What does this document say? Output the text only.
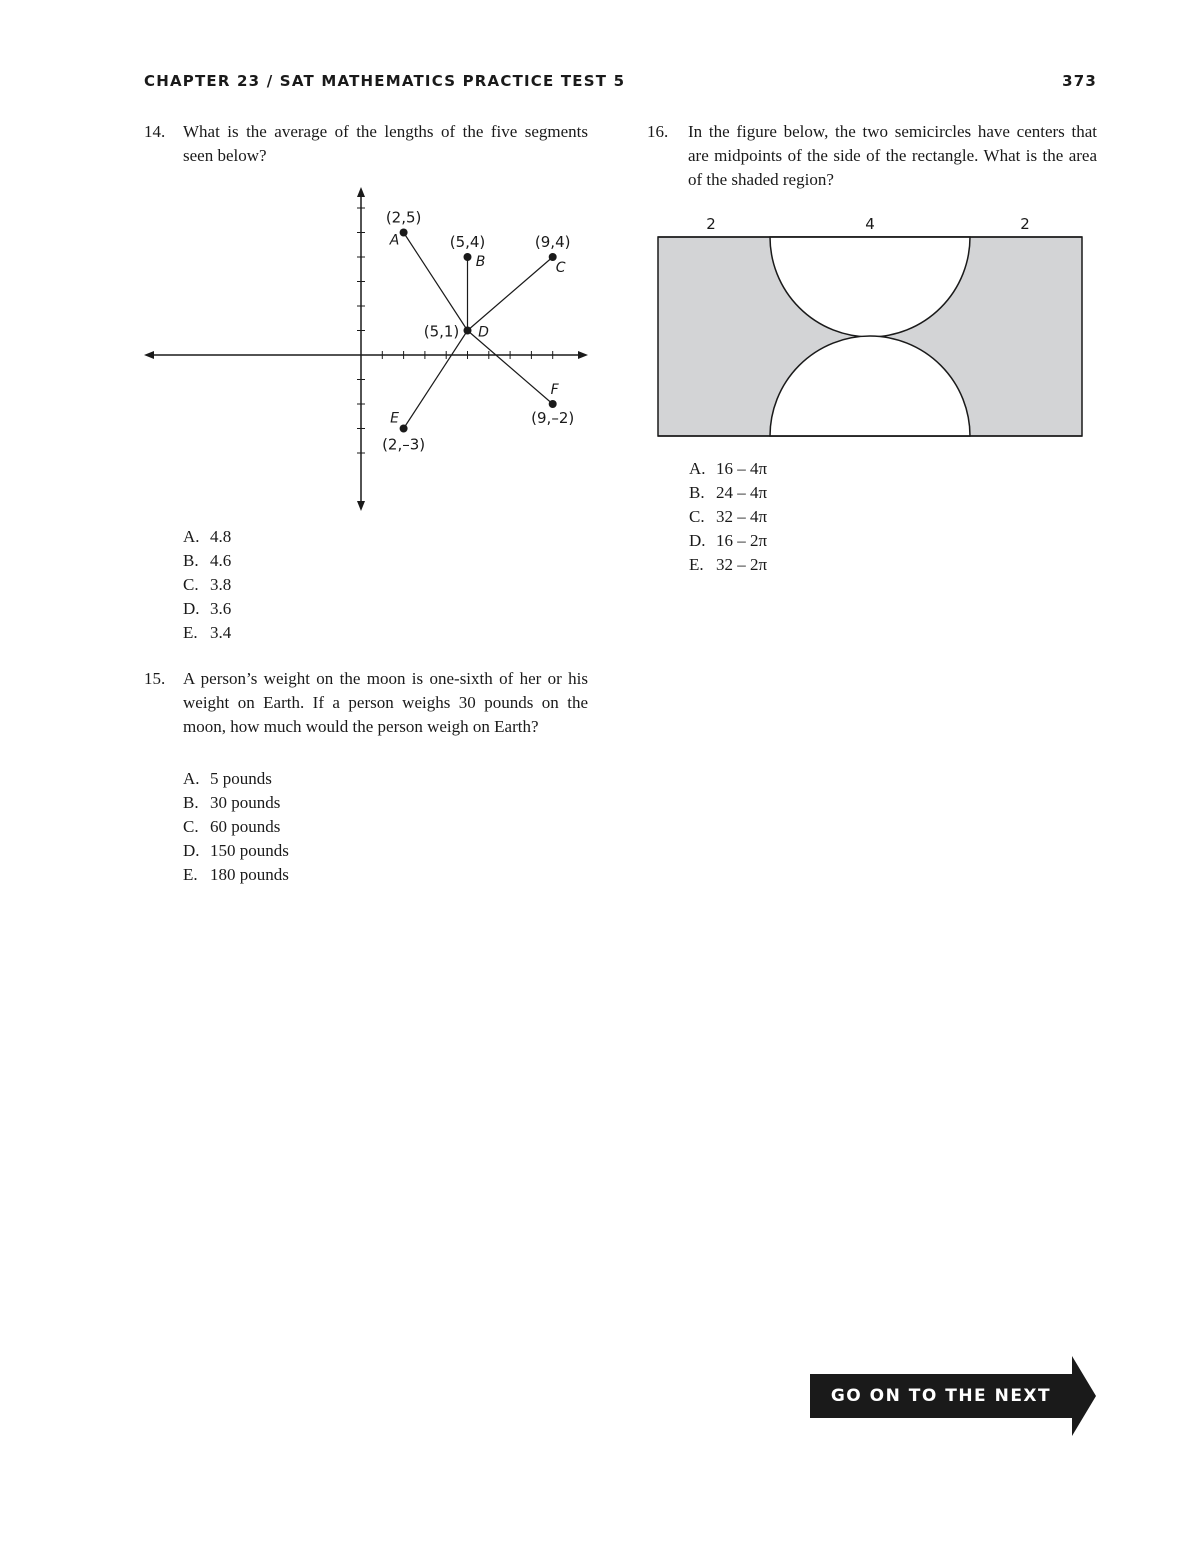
CHAPTER 23 / SAT MATHEMATICS PRACTICE TEST 5	373
14. What is the average of the lengths of the five segments seen below?
(2,5)
A	(5,4)
B
(9,4)
C
(5,1) D
(2,–3)
E	(9,–2)
F
A. 4.8
B. 4.6
C. 3.8
D. 3.6
E. 3.4
15. A person’s weight on the moon is one-sixth of her or his weight on Earth. If a person weighs 30 pounds on the moon, how much would the person weigh on Earth?
A. 5 pounds
B. 30 pounds
C. 60 pounds
D. 150 pounds
E. 180 pounds
16. In the figure below, the two semicircles have centers that are midpoints of the side of the rectangle. What is the area of the shaded region?
2	4	2
A. 16 – 4π
B. 24 – 4π
C. 32 – 4π
D. 16 – 2π
E. 32 – 2π
GO ON TO THE NEXT PAGE
